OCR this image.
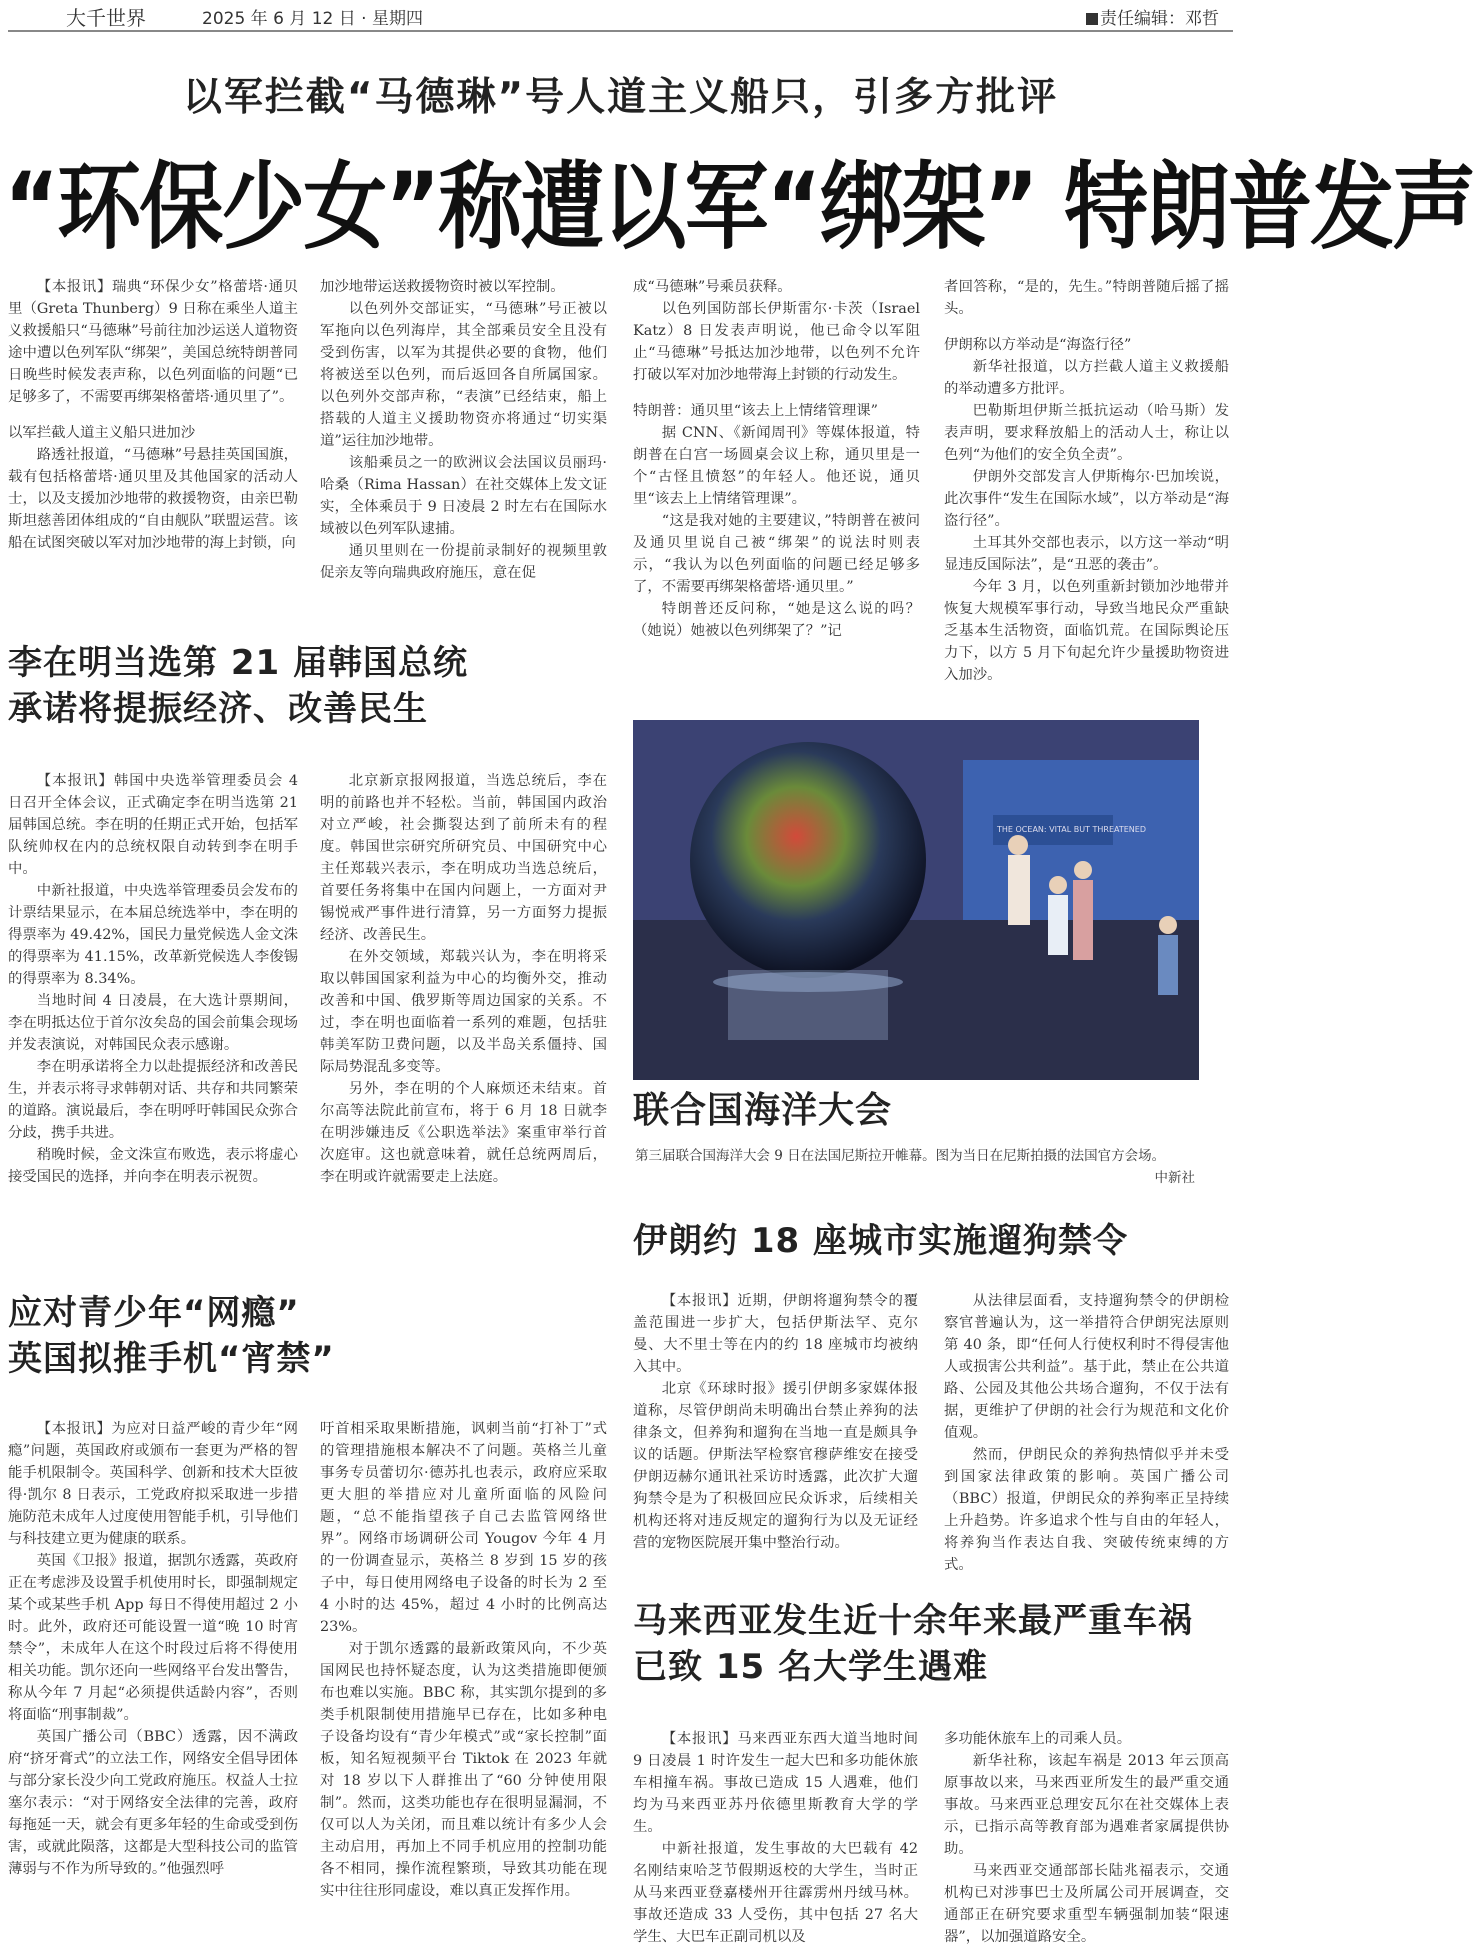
大千世界	2025 年 6 月 12 日 · 星期四	责任编辑：邓哲
以军拦截“马德琳”号人道主义船只，引多方批评
“环保少女”称遭以军“绑架” 特朗普发声

【本报讯】瑞典“环保少女”格蕾塔·通贝里（Greta Thunberg）9 日称在乘坐人道主义救援船只“马德琳”号前往加沙运送人道物资途中遭以色列军队“绑架”，美国总统特朗普同日晚些时候发表声称，以色列面临的问题“已足够多了，不需要再绑架格蕾塔·通贝里了”。

以军拦截人道主义船只进加沙

路透社报道，“马德琳”号悬挂英国国旗，载有包括格蕾塔·通贝里及其他国家的活动人士，以及支援加沙地带的救援物资，由亲巴勒斯坦慈善团体组成的“自由舰队”联盟运营。该船在试图突破以军对加沙地带的海上封锁，向

加沙地带运送救援物资时被以军控制。

以色列外交部证实，“马德琳”号正被以军拖向以色列海岸，其全部乘员安全且没有受到伤害，以军为其提供必要的食物，他们将被送至以色列，而后返回各自所属国家。以色列外交部声称，“表演”已经结束，船上搭载的人道主义援助物资亦将通过“切实渠道”运往加沙地带。

该船乘员之一的欧洲议会法国议员丽玛·哈桑（Rima Hassan）在社交媒体上发文证实，全体乘员于 9 日凌晨 2 时左右在国际水域被以色列军队逮捕。

通贝里则在一份提前录制好的视频里敦促亲友等向瑞典政府施压，意在促

成“马德琳”号乘员获释。

以色列国防部长伊斯雷尔·卡茨（Israel Katz）8 日发表声明说，他已命令以军阻止“马德琳”号抵达加沙地带，以色列不允许打破以军对加沙地带海上封锁的行动发生。

特朗普：通贝里“该去上上情绪管理课”

据 CNN、《新闻周刊》等媒体报道，特朗普在白宫一场圆桌会议上称，通贝里是一个“古怪且愤怒”的年轻人。他还说，通贝里“该去上上情绪管理课”。

“这是我对她的主要建议，”特朗普在被问及通贝里说自己被“绑架”的说法时则表示，“我认为以色列面临的问题已经足够多了，不需要再绑架格蕾塔·通贝里。”

特朗普还反问称，“她是这么说的吗？（她说）她被以色列绑架了？”记

者回答称，“是的，先生。”特朗普随后摇了摇头。

伊朗称以方举动是“海盗行径”

新华社报道，以方拦截人道主义救援船的举动遭多方批评。

巴勒斯坦伊斯兰抵抗运动（哈马斯）发表声明，要求释放船上的活动人士，称让以色列“为他们的安全负全责”。

伊朗外交部发言人伊斯梅尔·巴加埃说，此次事件“发生在国际水域”，以方举动是“海盗行径”。

土耳其外交部也表示，以方这一举动“明显违反国际法”，是“丑恶的袭击”。

今年 3 月，以色列重新封锁加沙地带并恢复大规模军事行动，导致当地民众严重缺乏基本生活物资，面临饥荒。在国际舆论压力下，以方 5 月下旬起允许少量援助物资进入加沙。

李在明当选第 21 届韩国总统
承诺将提振经济、改善民生

【本报讯】韩国中央选举管理委员会 4 日召开全体会议，正式确定李在明当选第 21 届韩国总统。李在明的任期正式开始，包括军队统帅权在内的总统权限自动转到李在明手中。

中新社报道，中央选举管理委员会发布的计票结果显示，在本届总统选举中，李在明的得票率为 49.42%，国民力量党候选人金文洙的得票率为 41.15%，改革新党候选人李俊锡的得票率为 8.34%。

当地时间 4 日凌晨，在大选计票期间，李在明抵达位于首尔汝矣岛的国会前集会现场并发表演说，对韩国民众表示感谢。

李在明承诺将全力以赴提振经济和改善民生，并表示将寻求韩朝对话、共存和共同繁荣的道路。演说最后，李在明呼吁韩国民众弥合分歧，携手共进。

稍晚时候，金文洙宣布败选，表示将虚心接受国民的选择，并向李在明表示祝贺。

北京新京报网报道，当选总统后，李在明的前路也并不轻松。当前，韩国国内政治对立严峻，社会撕裂达到了前所未有的程度。韩国世宗研究所研究员、中国研究中心主任郑载兴表示，李在明成功当选总统后，首要任务将集中在国内问题上，一方面对尹锡悦戒严事件进行清算，另一方面努力提振经济、改善民生。

在外交领域，郑载兴认为，李在明将采取以韩国国家利益为中心的均衡外交，推动改善和中国、俄罗斯等周边国家的关系。不过，李在明也面临着一系列的难题，包括驻韩美军防卫费问题，以及半岛关系僵持、国际局势混乱多变等。

另外，李在明的个人麻烦还未结束。首尔高等法院此前宣布，将于 6 月 18 日就李在明涉嫌违反《公职选举法》案重审举行首次庭审。这也就意味着，就任总统两周后，李在明或许就需要走上法庭。

应对青少年“网瘾”
英国拟推手机“宵禁”

【本报讯】为应对日益严峻的青少年“网瘾”问题，英国政府或颁布一套更为严格的智能手机限制令。英国科学、创新和技术大臣彼得·凯尔 8 日表示，工党政府拟采取进一步措施防范未成年人过度使用智能手机，引导他们与科技建立更为健康的联系。

英国《卫报》报道，据凯尔透露，英政府正在考虑涉及设置手机使用时长，即强制规定某个或某些手机 App 每日不得使用超过 2 小时。此外，政府还可能设置一道“晚 10 时宵禁令”，未成年人在这个时段过后将不得使用相关功能。凯尔还向一些网络平台发出警告，称从今年 7 月起“必须提供适龄内容”，否则将面临“刑事制裁”。

英国广播公司（BBC）透露，因不满政府“挤牙膏式”的立法工作，网络安全倡导团体与部分家长没少向工党政府施压。权益人士拉塞尔表示：“对于网络安全法律的完善，政府每拖延一天，就会有更多年轻的生命或受到伤害，或就此陨落，这都是大型科技公司的监管薄弱与不作为所导致的。”他强烈呼

吁首相采取果断措施，讽刺当前“打补丁”式的管理措施根本解决不了问题。英格兰儿童事务专员蕾切尔·德苏扎也表示，政府应采取更大胆的举措应对儿童所面临的风险问题，“总不能指望孩子自己去监管网络世界”。网络市场调研公司 Yougov 今年 4 月的一份调查显示，英格兰 8 岁到 15 岁的孩子中，每日使用网络电子设备的时长为 2 至 4 小时的达 45%，超过 4 小时的比例高达 23%。

对于凯尔透露的最新政策风向，不少英国网民也持怀疑态度，认为这类措施即便颁布也难以实施。BBC 称，其实凯尔提到的多类手机限制使用措施早已存在，比如多种电子设备均设有“青少年模式”或“家长控制”面板，知名短视频平台 Tiktok 在 2023 年就对 18 岁以下人群推出了“60 分钟使用限制”。然而，这类功能也存在很明显漏洞，不仅可以人为关闭，而且难以统计有多少人会主动启用，再加上不同手机应用的控制功能各不相同，操作流程繁琐，导致其功能在现实中往往形同虚设，难以真正发挥作用。

THE OCEAN: VITAL BUT THREATENED
联合国海洋大会
第三届联合国海洋大会 9 日在法国尼斯拉开帷幕。图为当日在尼斯拍摄的法国官方会场。
中新社
伊朗约 18 座城市实施遛狗禁令

【本报讯】近期，伊朗将遛狗禁令的覆盖范围进一步扩大，包括伊斯法罕、克尔曼、大不里士等在内的约 18 座城市均被纳入其中。

北京《环球时报》援引伊朗多家媒体报道称，尽管伊朗尚未明确出台禁止养狗的法律条文，但养狗和遛狗在当地一直是颇具争议的话题。伊斯法罕检察官穆萨维安在接受伊朗迈赫尔通讯社采访时透露，此次扩大遛狗禁令是为了积极回应民众诉求，后续相关机构还将对违反规定的遛狗行为以及无证经营的宠物医院展开集中整治行动。

从法律层面看，支持遛狗禁令的伊朗检察官普遍认为，这一举措符合伊朗宪法原则第 40 条，即“任何人行使权利时不得侵害他人或损害公共利益”。基于此，禁止在公共道路、公园及其他公共场合遛狗，不仅于法有据，更维护了伊朗的社会行为规范和文化价值观。

然而，伊朗民众的养狗热情似乎并未受到国家法律政策的影响。英国广播公司（BBC）报道，伊朗民众的养狗率正呈持续上升趋势。许多追求个性与自由的年轻人，将养狗当作表达自我、突破传统束缚的方式。

马来西亚发生近十余年来最严重车祸
已致 15 名大学生遇难

【本报讯】马来西亚东西大道当地时间 9 日凌晨 1 时许发生一起大巴和多功能休旅车相撞车祸。事故已造成 15 人遇难，他们均为马来西亚苏丹依德里斯教育大学的学生。

中新社报道，发生事故的大巴载有 42 名刚结束哈芝节假期返校的大学生，当时正从马来西亚登嘉楼州开往霹雳州丹绒马林。事故还造成 33 人受伤，其中包括 27 名大学生、大巴车正副司机以及

多功能休旅车上的司乘人员。

新华社称，该起车祸是 2013 年云顶高原事故以来，马来西亚所发生的最严重交通事故。马来西亚总理安瓦尔在社交媒体上表示，已指示高等教育部为遇难者家属提供协助。

马来西亚交通部部长陆兆福表示，交通机构已对涉事巴士及所属公司开展调查，交通部正在研究要求重型车辆强制加装“限速器”，以加强道路安全。
